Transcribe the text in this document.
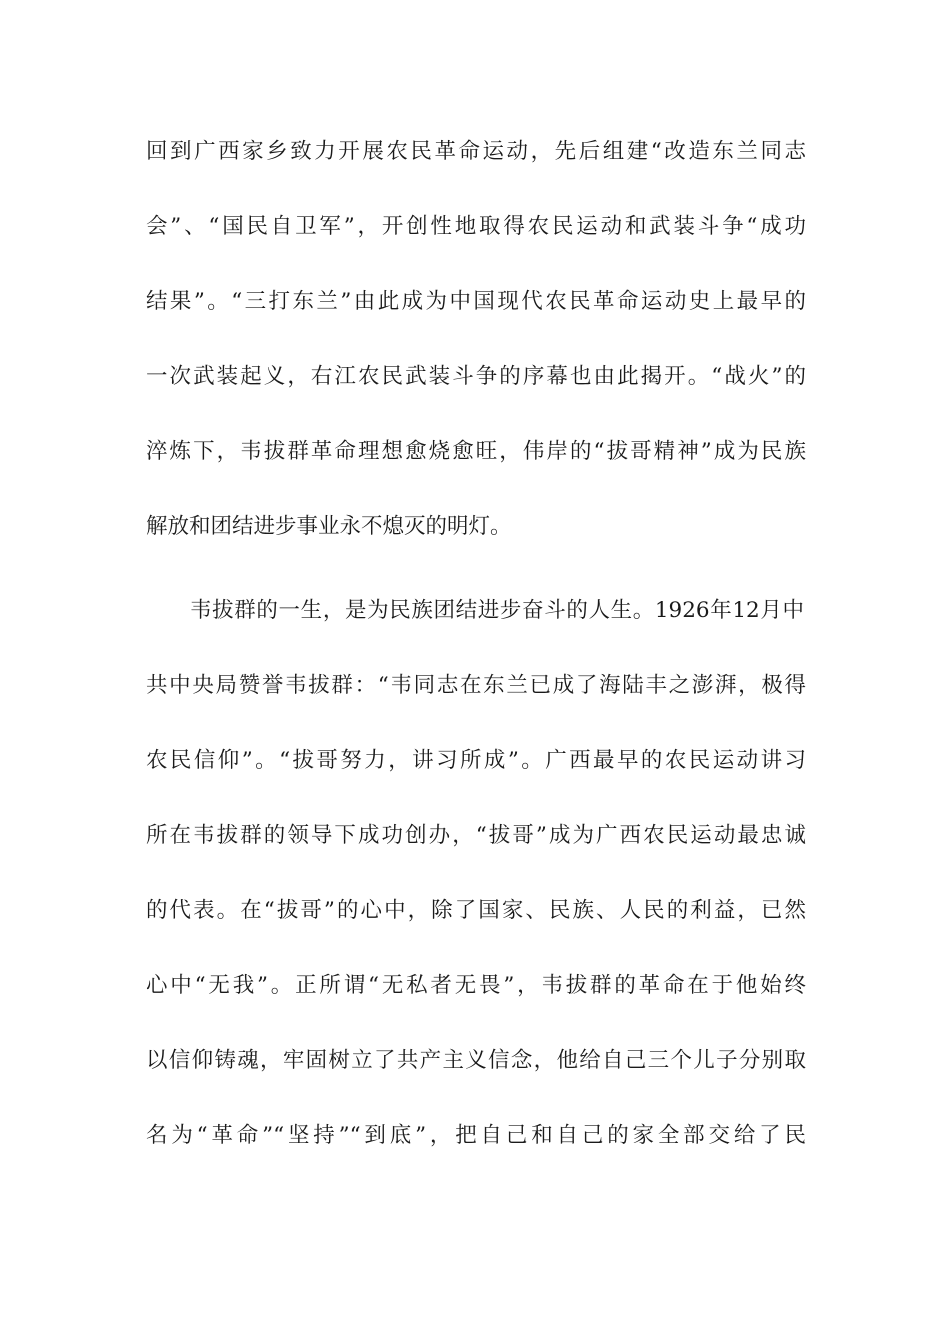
回到广西家乡致力开展农民革命运动，先后组建“改造东兰同志
会”、“国民自卫军”，开创性地取得农民运动和武装斗争“成功
结果”。“三打东兰”由此成为中国现代农民革命运动史上最早的
一次武装起义，右江农民武装斗争的序幕也由此揭开。“战火”的
淬炼下，韦拔群革命理想愈烧愈旺，伟岸的“拔哥精神”成为民族
解放和团结进步事业永不熄灭的明灯。
韦拔群的一生，是为民族团结进步奋斗的人生。1926年12月中
共中央局赞誉韦拔群：“韦同志在东兰已成了海陆丰之澎湃，极得
农民信仰”。“拔哥努力，讲习所成”。广西最早的农民运动讲习
所在韦拔群的领导下成功创办，“拔哥”成为广西农民运动最忠诚
的代表。在“拔哥”的心中，除了国家、民族、人民的利益，已然
心中“无我”。正所谓“无私者无畏”，韦拔群的革命在于他始终
以信仰铸魂，牢固树立了共产主义信念，他给自己三个儿子分别取
名为“革命”“坚持”“到底”，把自己和自己的家全部交给了民
